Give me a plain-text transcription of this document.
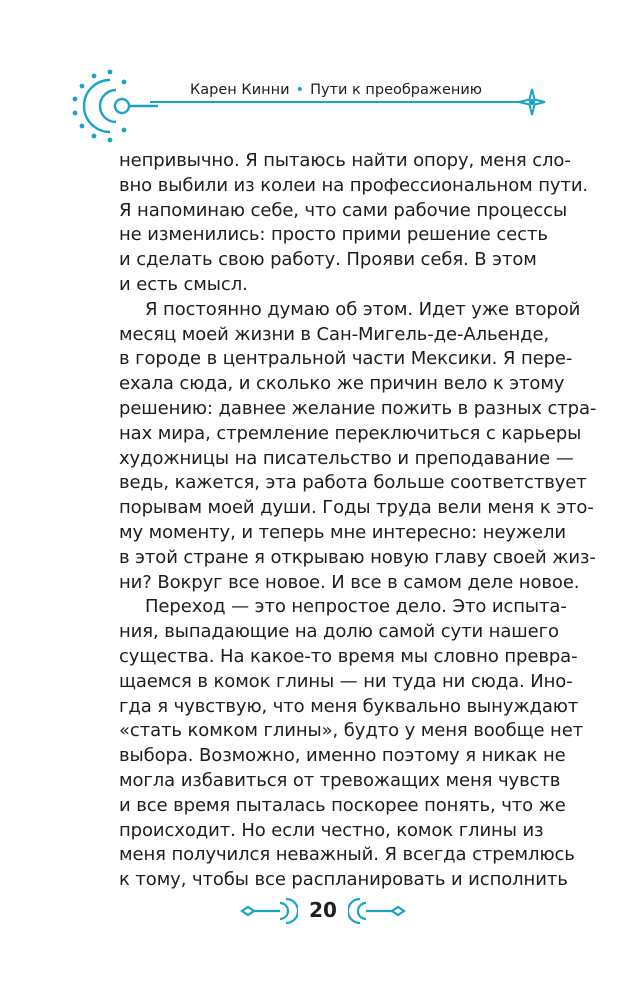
Карен Кинни • Пути к преображению
непривычно. Я пытаюсь найти опору, меня сло-
вно выбили из колеи на профессиональном пути.
Я напоминаю себе, что сами рабочие процессы
не изменились: просто прими решение сесть
и сделать свою работу. Прояви себя. В этом
и есть смысл.
Я постоянно думаю об этом. Идет уже второй
месяц моей жизни в Сан-Мигель-де-Альенде,
в городе в центральной части Мексики. Я пере-
ехала сюда, и сколько же причин вело к этому
решению: давнее желание пожить в разных стра-
нах мира, стремление переключиться с карьеры
художницы на писательство и преподавание —
ведь, кажется, эта работа больше соответствует
порывам моей души. Годы труда вели меня к это-
му моменту, и теперь мне интересно: неужели
в этой стране я открываю новую главу своей жиз-
ни? Вокруг все новое. И все в самом деле новое.
Переход — это непростое дело. Это испыта-
ния, выпадающие на долю самой сути нашего
существа. На какое-то время мы словно превра-
щаемся в комок глины — ни туда ни сюда. Ино-
гда я чувствую, что меня буквально вынуждают
«стать комком глины», будто у меня вообще нет
выбора. Возможно, именно поэтому я никак не
могла избавиться от тревожащих меня чувств
и все время пыталась поскорее понять, что же
происходит. Но если честно, комок глины из
меня получился неважный. Я всегда стремлюсь
к тому, чтобы все распланировать и исполнить
20
